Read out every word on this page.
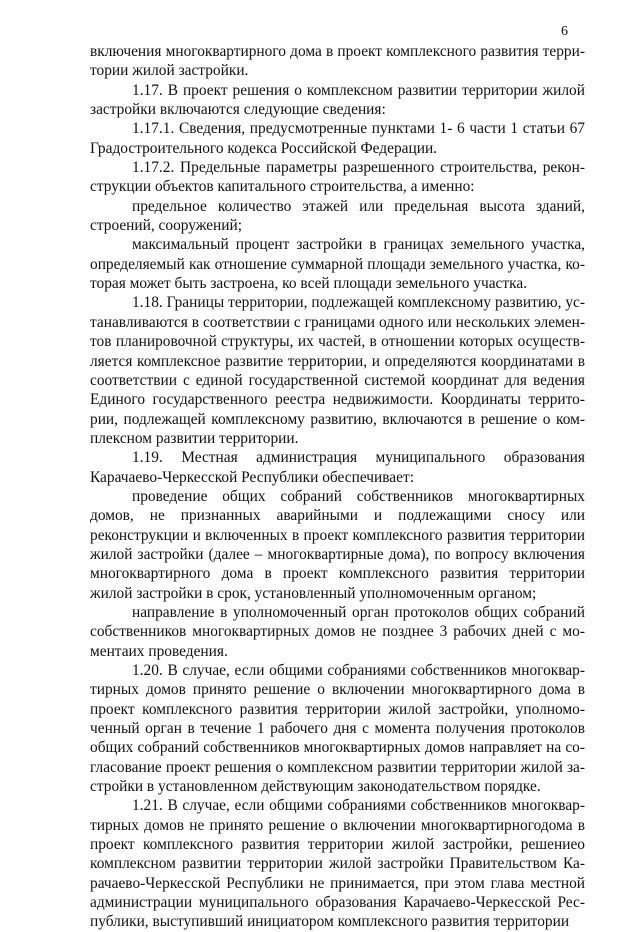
6

включения многоквартирного дома в проект комплексного развития территории жилой застройки.

1.17. В проект решения о комплексном развитии территории жилой застройки включаются следующие сведения:

1.17.1. Сведения, предусмотренные пунктами 1- 6 части 1 статьи 67 Градостроительного кодекса Российской Федерации.

1.17.2. Предельные параметры разрешенного строительства, реконструкции объектов капитального строительства, а именно:

предельное количество этажей или предельная высота зданий, строений, сооружений;

максимальный процент застройки в границах земельного участка, определяемый как отношение суммарной площади земельного участка, которая может быть застроена, ко всей площади земельного участка.

1.18. Границы территории, подлежащей комплексному развитию, устанавливаются в соответствии с границами одного или нескольких элементов планировочной структуры, их частей, в отношении которых осуществляется комплексное развитие территории, и определяются координатами в соответствии с единой государственной системой координат для ведения Единого государственного реестра недвижимости. Координаты территории, подлежащей комплексному развитию, включаются в решение о комплексном развитии территории.

1.19. Местная администрация муниципального образования Карачаево-Черкесской Республики обеспечивает:

проведение общих собраний собственников многоквартирных домов, не признанных аварийными и подлежащими сносу или реконструкции и включенных в проект комплексного развития территории жилой застройки (далее – многоквартирные дома), по вопросу включения многоквартирного дома в проект комплексного развития территории жилой застройки в срок, установленный уполномоченным органом;

направление в уполномоченный орган протоколов общих собраний собственников многоквартирных домов не позднее 3 рабочих дней с моментаиx проведения.

1.20. В случае, если общими собраниями собственников многоквартирных домов принято решение о включении многоквартирного дома в проект комплексного развития территории жилой застройки, уполномоченный орган в течение 1 рабочего дня с момента получения протоколов общих собраний собственников многоквартирных домов направляет на согласование проект решения о комплексном развитии территории жилой застройки в установленном действующим законодательством порядке.

1.21. В случае, если общими собраниями собственников многоквартирных домов не принято решение о включении многоквартирногодома в проект комплексного развития территории жилой застройки, решениео комплексном развитии территории жилой застройки Правительством Карачаево-Черкесской Республики не принимается, при этом глава местной администрации муниципального образования Карачаево-Черкесской Республики, выступивший инициатором комплексного развития территории
